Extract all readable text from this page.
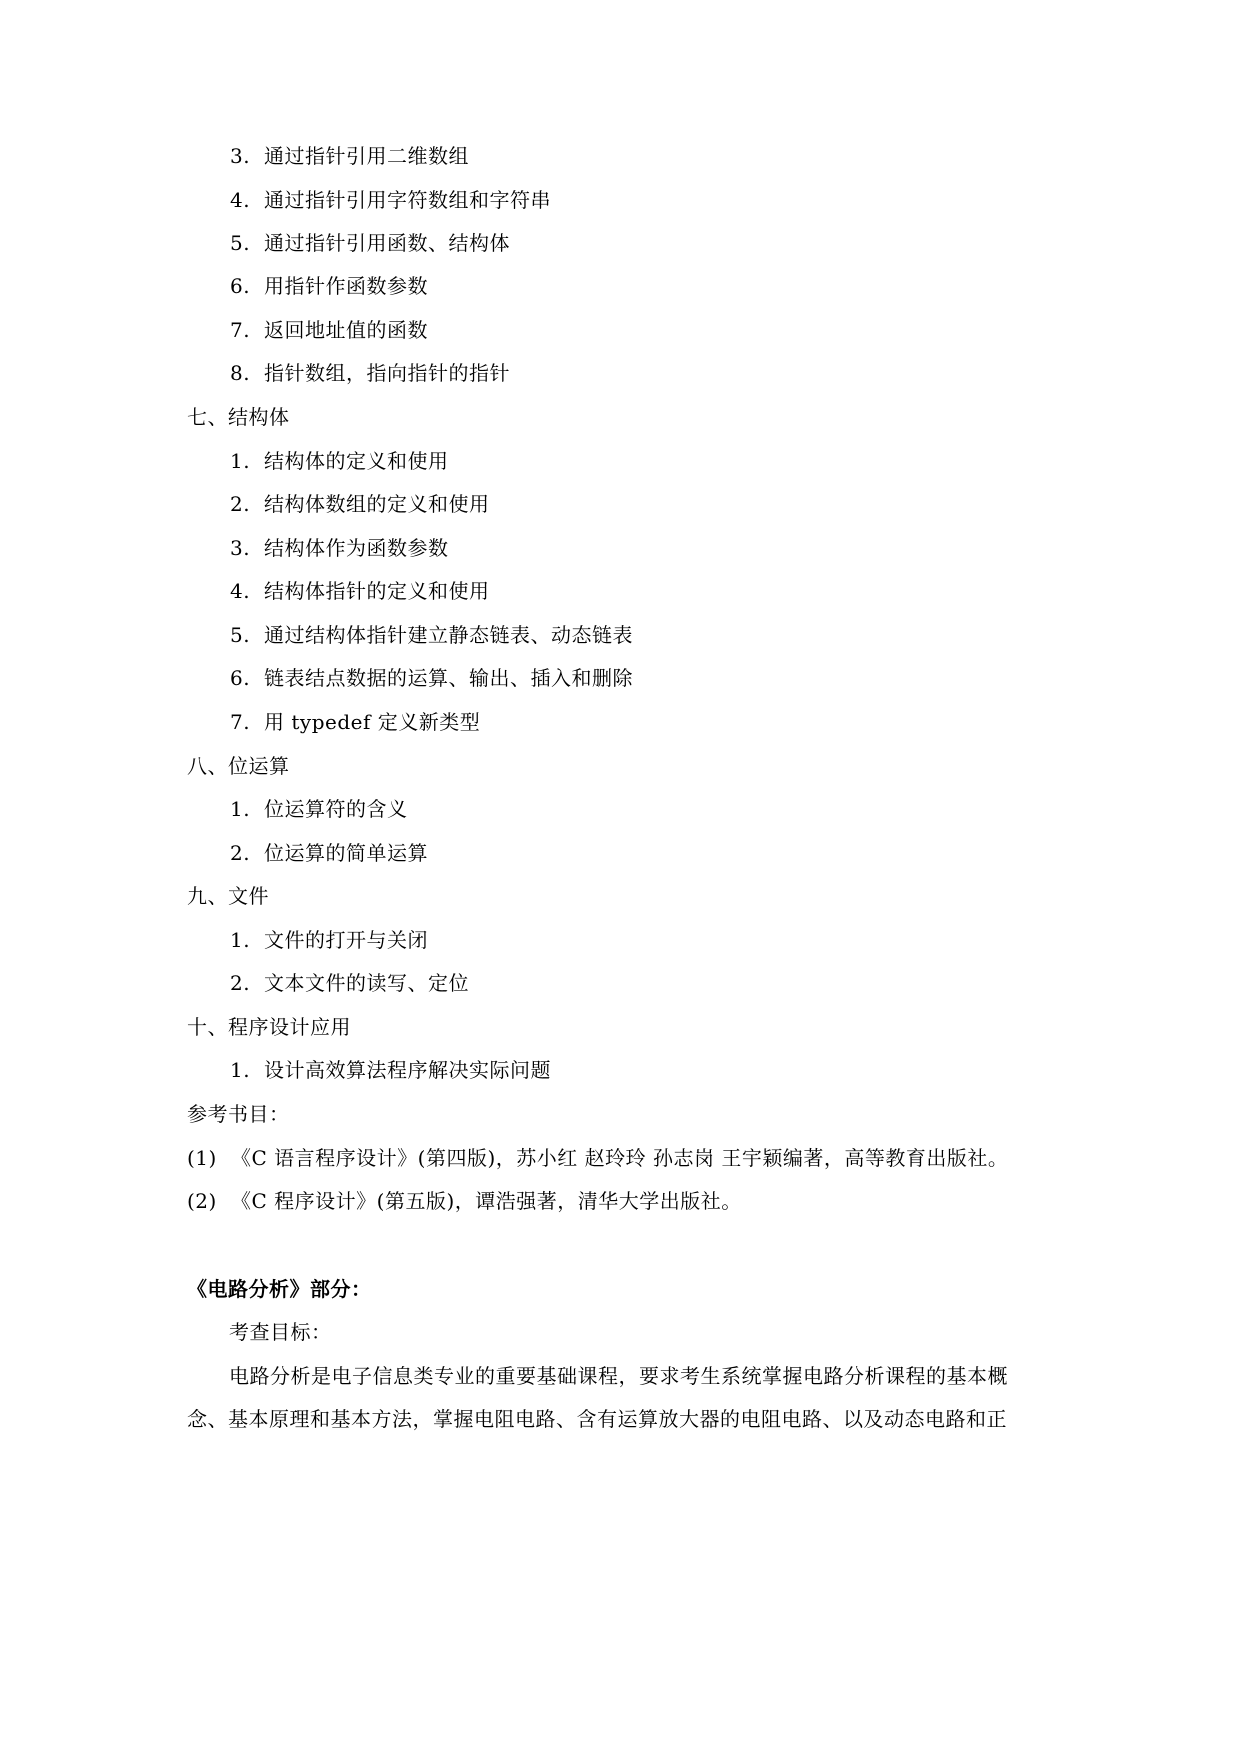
3. 通过指针引用二维数组
4. 通过指针引用字符数组和字符串
5. 通过指针引用函数、结构体
6. 用指针作函数参数
7. 返回地址值的函数
8. 指针数组，指向指针的指针
七、结构体
1. 结构体的定义和使用
2. 结构体数组的定义和使用
3. 结构体作为函数参数
4. 结构体指针的定义和使用
5. 通过结构体指针建立静态链表、动态链表
6. 链表结点数据的运算、输出、插入和删除
7. 用 typedef 定义新类型
八、位运算
1. 位运算符的含义
2. 位运算的简单运算
九、文件
1. 文件的打开与关闭
2. 文本文件的读写、定位
十、程序设计应用
1. 设计高效算法程序解决实际问题
参考书目：
(1) 《C 语言程序设计》(第四版)，苏小红 赵玲玲 孙志岗 王宇颖编著，高等教育出版社。
(2) 《C 程序设计》(第五版)，谭浩强著，清华大学出版社。
《电路分析》部分：
考查目标：
电路分析是电子信息类专业的重要基础课程，要求考生系统掌握电路分析课程的基本概
念、基本原理和基本方法，掌握电阻电路、含有运算放大器的电阻电路、以及动态电路和正
